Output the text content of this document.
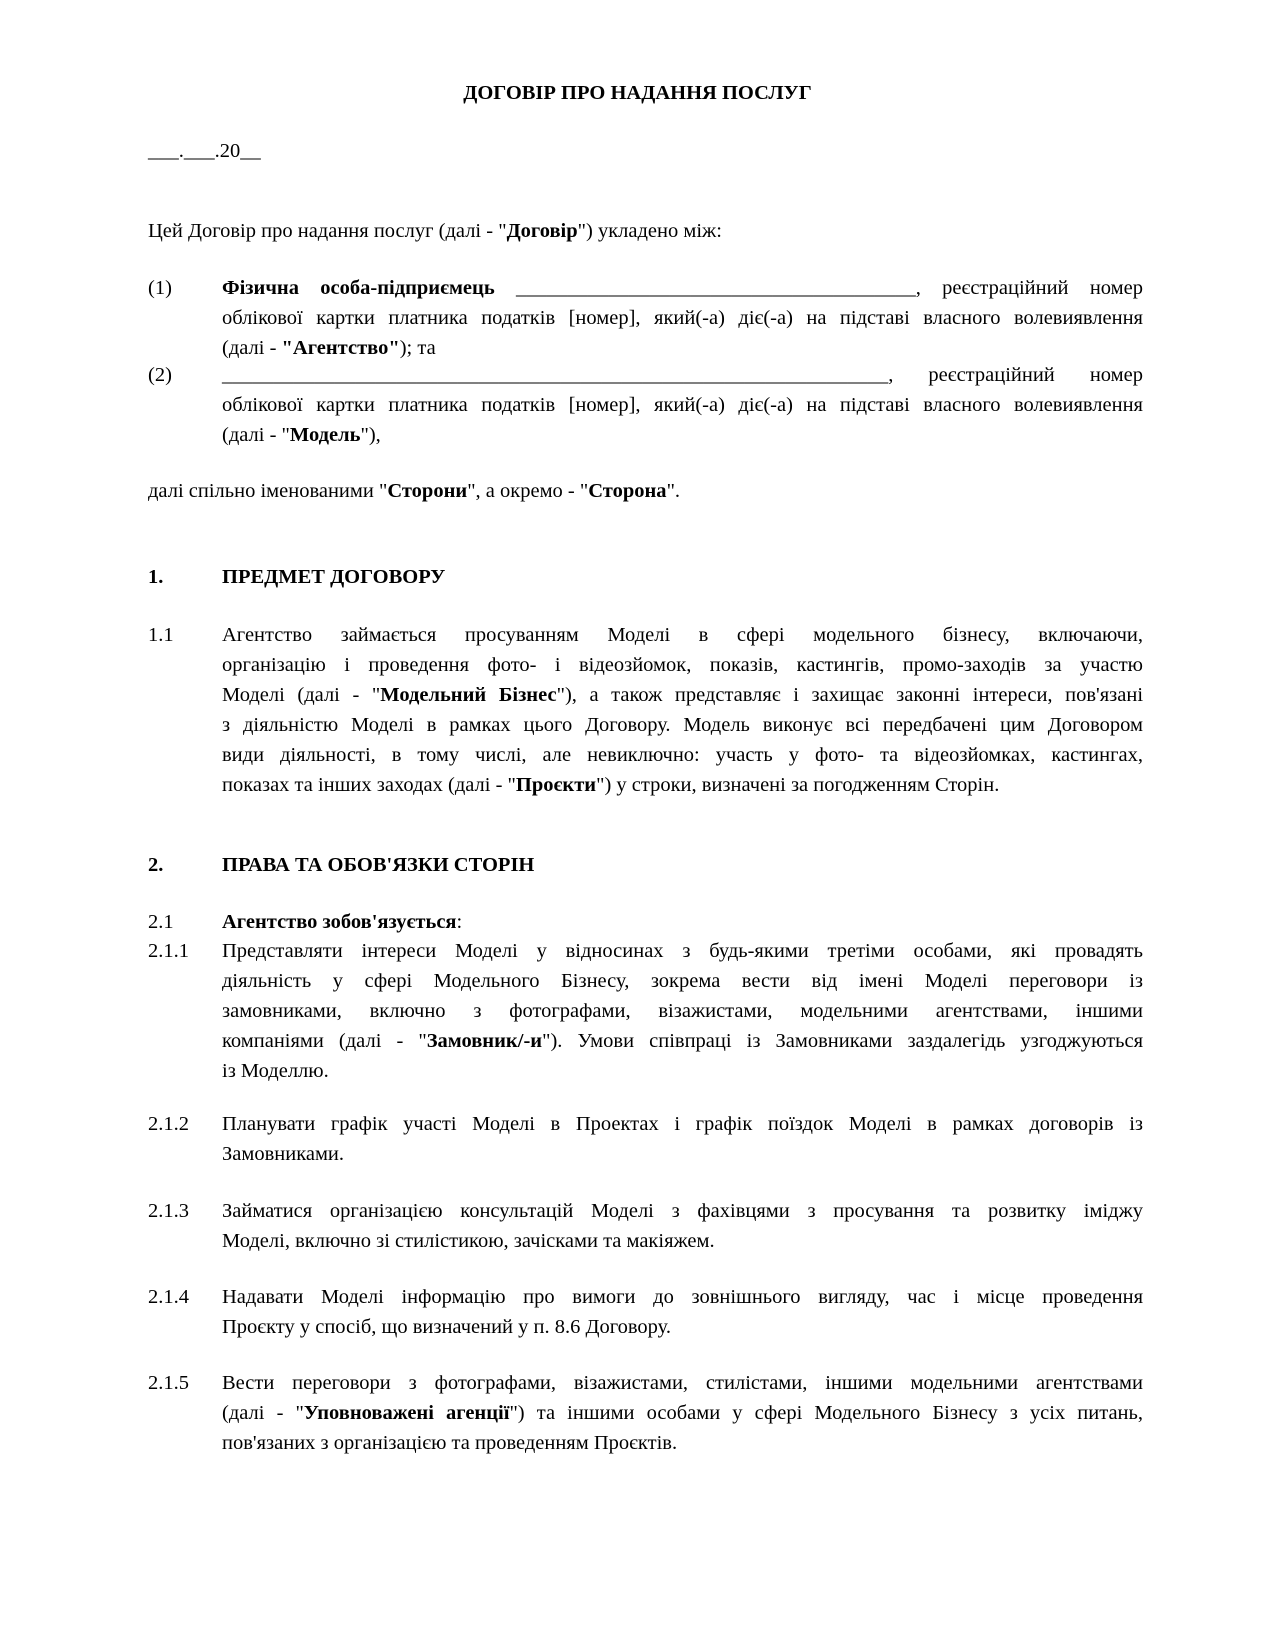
ДОГОВІР ПРО НАДАННЯ ПОСЛУГ
___.___.20__
Цей Договір про надання послуг (далі - "Договір") укладено між:
(1)	Фізична особа-підприємець _______________________________________, реєстраційний номер
облікової картки платника податків [номер], який(-а) діє(-а) на підставі власного волевиявлення
(далі - "Агентство"); та
(2)	_________________________________________________________________, реєстраційний номер
облікової картки платника податків [номер], який(-а) діє(-а) на підставі власного волевиявлення
(далі - "Модель"),
далі спільно іменованими "Сторони", а окремо - "Сторона".
1.	ПРЕДМЕТ ДОГОВОРУ
1.1	Агентство займається просуванням Моделі в сфері модельного бізнесу, включаючи,
організацію і проведення фото- і відеозйомок, показів, кастингів, промо-заходів за участю
Моделі (далі - "Модельний Бізнес"), а також представляє і захищає законні інтереси, пов'язані
з діяльністю Моделі в рамках цього Договору. Модель виконує всі передбачені цим Договором
види діяльності, в тому числі, але невиключно: участь у фото- та відеозйомках, кастингах,
показах та інших заходах (далі - "Проєкти") у строки, визначені за погодженням Сторін.
2.	ПРАВА ТА ОБОВ'ЯЗКИ СТОРІН
2.1	Агентство зобов'язується:
2.1.1	Представляти інтереси Моделі у відносинах з будь-якими третіми особами, які провадять
діяльність у сфері Модельного Бізнесу, зокрема вести від імені Моделі переговори із
замовниками, включно з фотографами, візажистами, модельними агентствами, іншими
компаніями (далі - "Замовник/-и"). Умови співпраці із Замовниками заздалегідь узгоджуються
із Моделлю.
2.1.2	Планувати графік участі Моделі в Проектах і графік поїздок Моделі в рамках договорів із
Замовниками.
2.1.3	Займатися організацією консультацій Моделі з фахівцями з просування та розвитку іміджу
Моделі, включно зі стилістикою, зачісками та макіяжем.
2.1.4	Надавати Моделі інформацію про вимоги до зовнішнього вигляду, час і місце проведення
Проєкту у спосіб, що визначений у п. 8.6 Договору.
2.1.5	Вести переговори з фотографами, візажистами, стилістами, іншими модельними агентствами
(далі - "Уповноважені агенції") та іншими особами у сфері Модельного Бізнесу з усіх питань,
пов'язаних з організацією та проведенням Проєктів.
